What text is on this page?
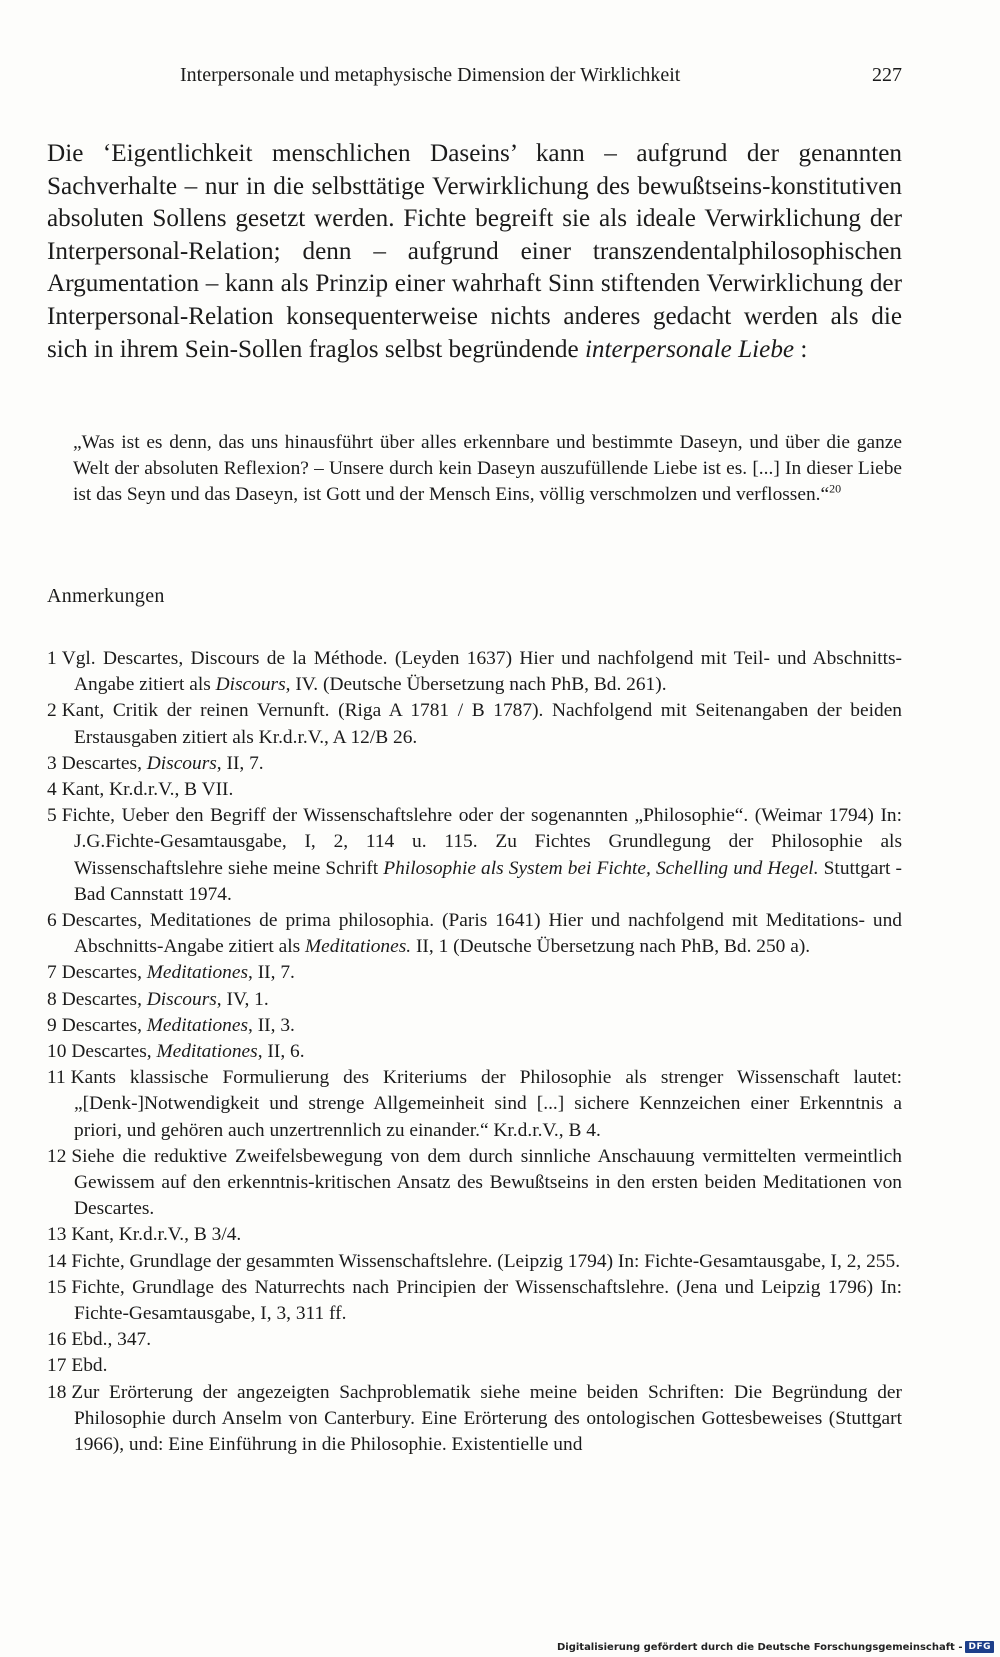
Interpersonale und metaphysische Dimension der Wirklichkeit	227

Die ‘Eigentlichkeit menschlichen Daseins’ kann – aufgrund der genannten Sachverhalte – nur in die selbsttätige Verwirklichung des bewußtseins-konstitutiven absoluten Sollens gesetzt werden. Fichte begreift sie als ideale Verwirklichung der Interpersonal-Relation; denn – aufgrund einer transzendentalphilosophischen Argumentation – kann als Prinzip einer wahrhaft Sinn stiftenden Verwirklichung der Interpersonal-Relation konsequenterweise nichts anderes gedacht werden als die sich in ihrem Sein-Sollen fraglos selbst begründende interpersonale Liebe :

„Was ist es denn, das uns hinausführt über alles erkennbare und bestimmte Daseyn, und über die ganze Welt der absoluten Reflexion? – Unsere durch kein Daseyn auszufüllende Liebe ist es. [...] In dieser Liebe ist das Seyn und das Daseyn, ist Gott und der Mensch Eins, völlig verschmolzen und verflossen.“$^{20}$

Anmerkungen
1 Vgl. Descartes, Discours de la Méthode. (Leyden 1637) Hier und nachfolgend mit Teil- und Abschnitts-Angabe zitiert als Discours, IV. (Deutsche Übersetzung nach PhB, Bd. 261).
2 Kant, Critik der reinen Vernunft. (Riga A 1781 / B 1787). Nachfolgend mit Seitenangaben der beiden Erstausgaben zitiert als Kr.d.r.V., A 12/B 26.
3 Descartes, Discours, II, 7.
4 Kant, Kr.d.r.V., B VII.
5 Fichte, Ueber den Begriff der Wissenschaftslehre oder der sogenannten „Philosophie“. (Weimar 1794) In: J.G.Fichte-Gesamtausgabe, I, 2, 114 u. 115. Zu Fichtes Grundlegung der Philosophie als Wissenschaftslehre siehe meine Schrift Philosophie als System bei Fichte, Schelling und Hegel. Stuttgart - Bad Cannstatt 1974.
6 Descartes, Meditationes de prima philosophia. (Paris 1641) Hier und nachfolgend mit Meditations- und Abschnitts-Angabe zitiert als Meditationes. II, 1 (Deutsche Übersetzung nach PhB, Bd. 250 a).
7 Descartes, Meditationes, II, 7.
8 Descartes, Discours, IV, 1.
9 Descartes, Meditationes, II, 3.
10 Descartes, Meditationes, II, 6.
11 Kants klassische Formulierung des Kriteriums der Philosophie als strenger Wissenschaft lautet: „[Denk-]Notwendigkeit und strenge Allgemeinheit sind [...] sichere Kennzeichen einer Erkenntnis a priori, und gehören auch unzertrennlich zu einander.“ Kr.d.r.V., B 4.
12 Siehe die reduktive Zweifelsbewegung von dem durch sinnliche Anschauung vermittelten vermeintlich Gewissem auf den erkenntnis-kritischen Ansatz des Bewußtseins in den ersten beiden Meditationen von Descartes.
13 Kant, Kr.d.r.V., B 3/4.
14 Fichte, Grundlage der gesammten Wissenschaftslehre. (Leipzig 1794) In: Fichte-Gesamtausgabe, I, 2, 255.
15 Fichte, Grundlage des Naturrechts nach Principien der Wissenschaftslehre. (Jena und Leipzig 1796) In: Fichte-Gesamtausgabe, I, 3, 311 ff.
16 Ebd., 347.
17 Ebd.
18 Zur Erörterung der angezeigten Sachproblematik siehe meine beiden Schriften: Die Begründung der Philosophie durch Anselm von Canterbury. Eine Erörterung des ontologischen Gottesbeweises (Stuttgart 1966), und: Eine Einführung in die Philosophie. Existentielle und
Digitalisierung gefördert durch die Deutsche Forschungsgemeinschaft - DFG
